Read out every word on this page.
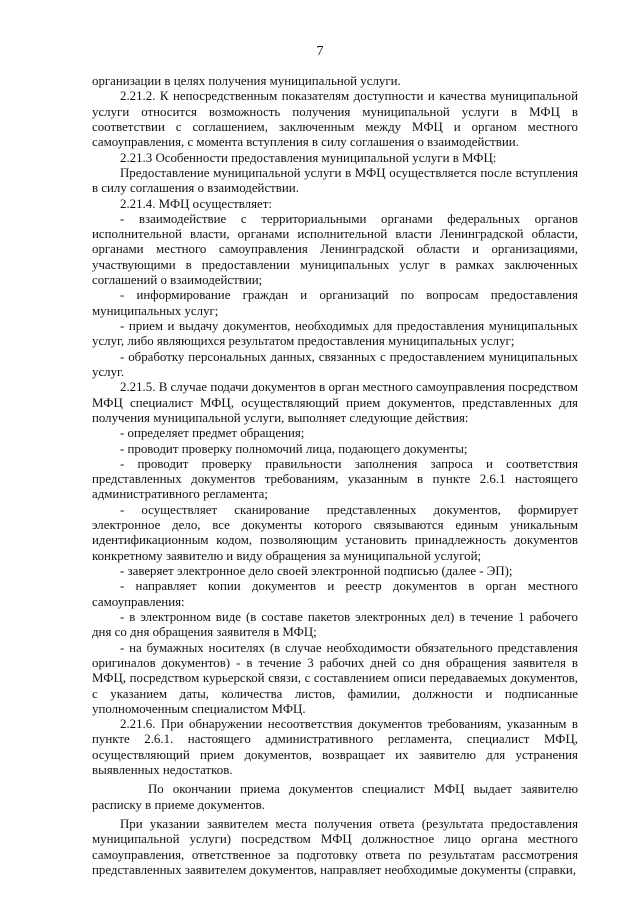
7

организации в целях получения муниципальной услуги.

2.21.2. К непосредственным показателям доступности и качества муниципальной услуги относится возможность получения муниципальной услуги в МФЦ в соответствии с соглашением, заключенным между МФЦ и органом местного самоуправления, с момента вступления в силу соглашения о взаимодействии.

2.21.3 Особенности предоставления муниципальной услуги в МФЦ:

Предоставление муниципальной услуги в МФЦ осуществляется после вступления в силу соглашения о взаимодействии.

2.21.4. МФЦ осуществляет:

- взаимодействие с территориальными органами федеральных органов исполнительной власти, органами исполнительной власти Ленинградской области, органами местного самоуправления Ленинградской области и организациями, участвующими в предоставлении муниципальных услуг в рамках заключенных соглашений о взаимодействии;

- информирование граждан и организаций по вопросам предоставления муниципальных услуг;

- прием и выдачу документов, необходимых для предоставления муниципальных услуг, либо являющихся результатом предоставления муниципальных услуг;

- обработку персональных данных, связанных с предоставлением муниципальных услуг.

2.21.5. В случае подачи документов в орган местного самоуправления посредством МФЦ специалист МФЦ, осуществляющий прием документов, представленных для получения муниципальной услуги, выполняет следующие действия:

- определяет предмет обращения;

- проводит проверку полномочий лица, подающего документы;

- проводит проверку правильности заполнения запроса и соответствия представленных документов требованиям, указанным в пункте 2.6.1 настоящего административного регламента;

- осуществляет сканирование представленных документов, формирует электронное дело, все документы которого связываются единым уникальным идентификационным кодом, позволяющим установить принадлежность документов конкретному заявителю и виду обращения за муниципальной услугой;

- заверяет электронное дело своей электронной подписью (далее - ЭП);

- направляет копии документов и реестр документов в орган местного самоуправления:

- в электронном виде (в составе пакетов электронных дел) в течение 1 рабочего дня со дня обращения заявителя в МФЦ;

- на бумажных носителях (в случае необходимости обязательного представления оригиналов документов) - в течение 3 рабочих дней со дня обращения заявителя в МФЦ, посредством курьерской связи, с составлением описи передаваемых документов, с указанием даты, количества листов, фамилии, должности и подписанные уполномоченным специалистом МФЦ.

2.21.6. При обнаружении несоответствия документов требованиям, указанным в пункте 2.6.1. настоящего административного регламента, специалист МФЦ, осуществляющий прием документов, возвращает их заявителю для устранения выявленных недостатков.

По окончании приема документов специалист МФЦ выдает заявителю расписку в приеме документов.

При указании заявителем места получения ответа (результата предоставления муниципальной услуги) посредством МФЦ должностное лицо органа местного самоуправления, ответственное за подготовку ответа по результатам рассмотрения представленных заявителем документов, направляет необходимые документы (справки,
